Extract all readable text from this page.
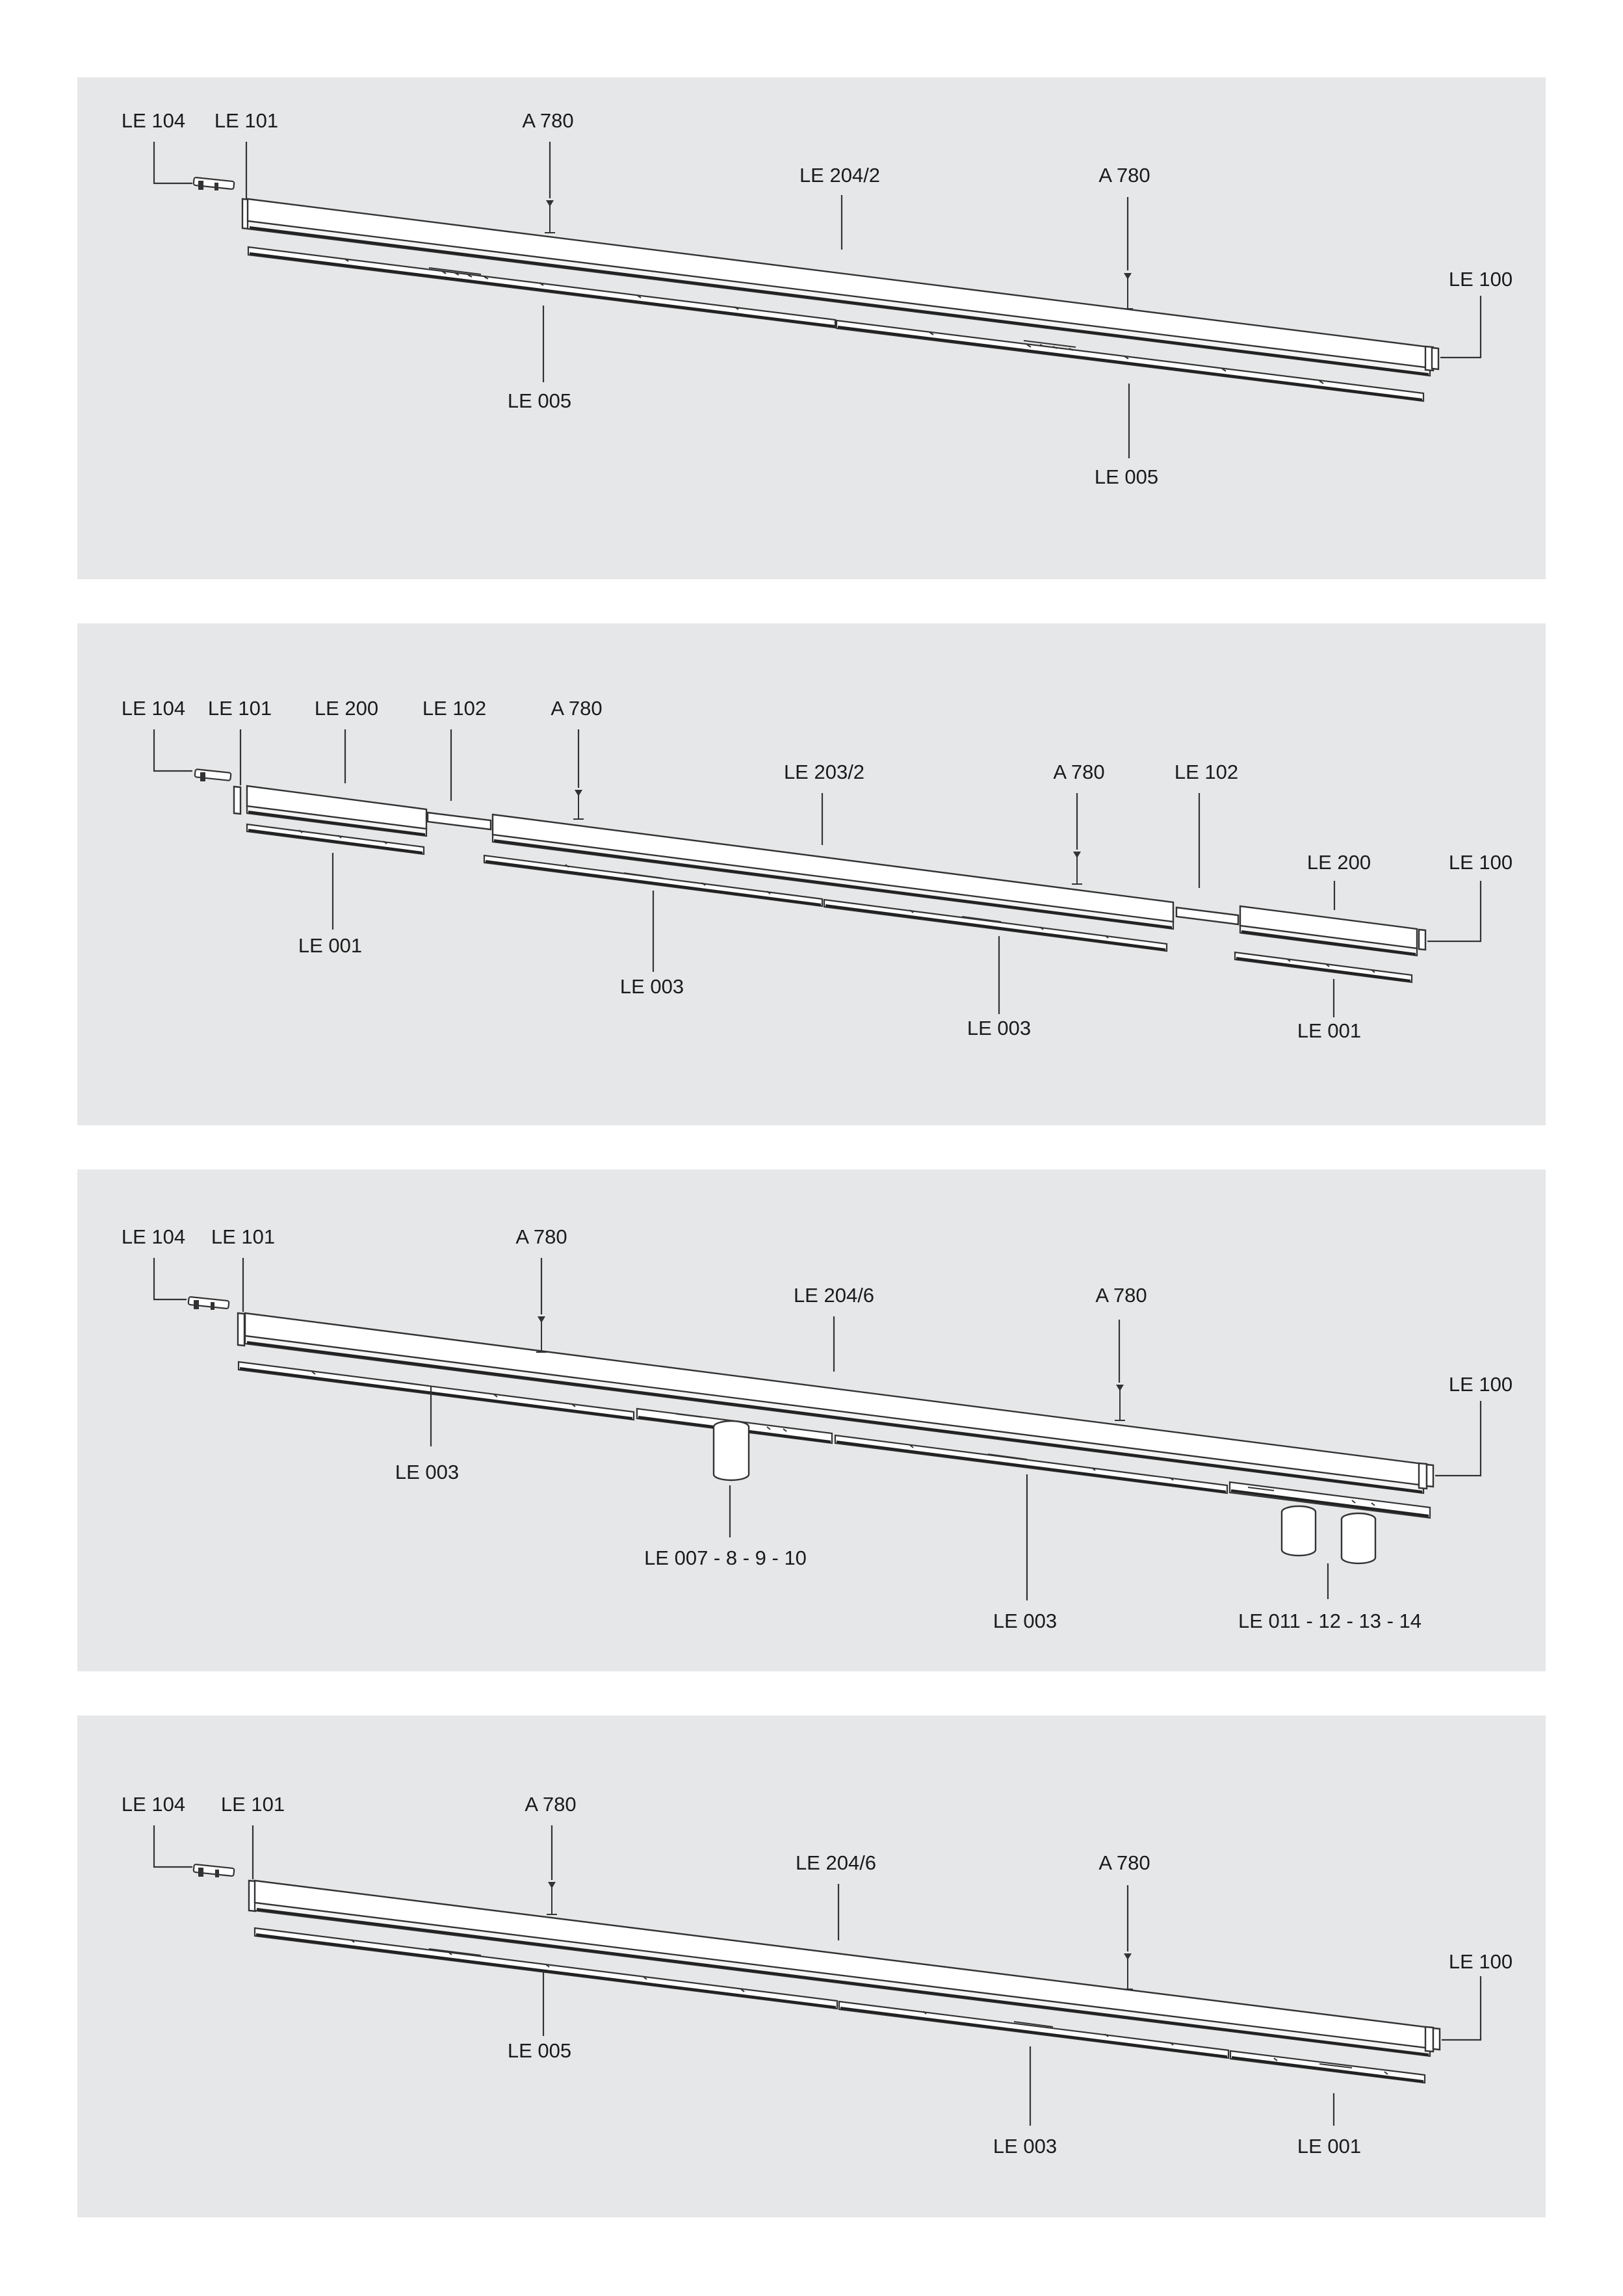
LE 104 LE 101	A 780
LE 204/2	A 780
LE 100
LE 005
LE 005
LE 104 LE 101 LE 200 LE 102	A 780
LE 203/2	A 780	LE 102
LE 200	LE 100
LE 001
LE 003
LE 003	LE 001
LE 104 LE 101	A 780
LE 204/6	A 780
LE 100
LE 003
LE 007 - 8 - 9 - 10
LE 003	LE 011 - 12 - 13 - 14
LE 104 LE 101	A 780
LE 204/6	A 780
LE 100
LE 005
LE 003	LE 001
